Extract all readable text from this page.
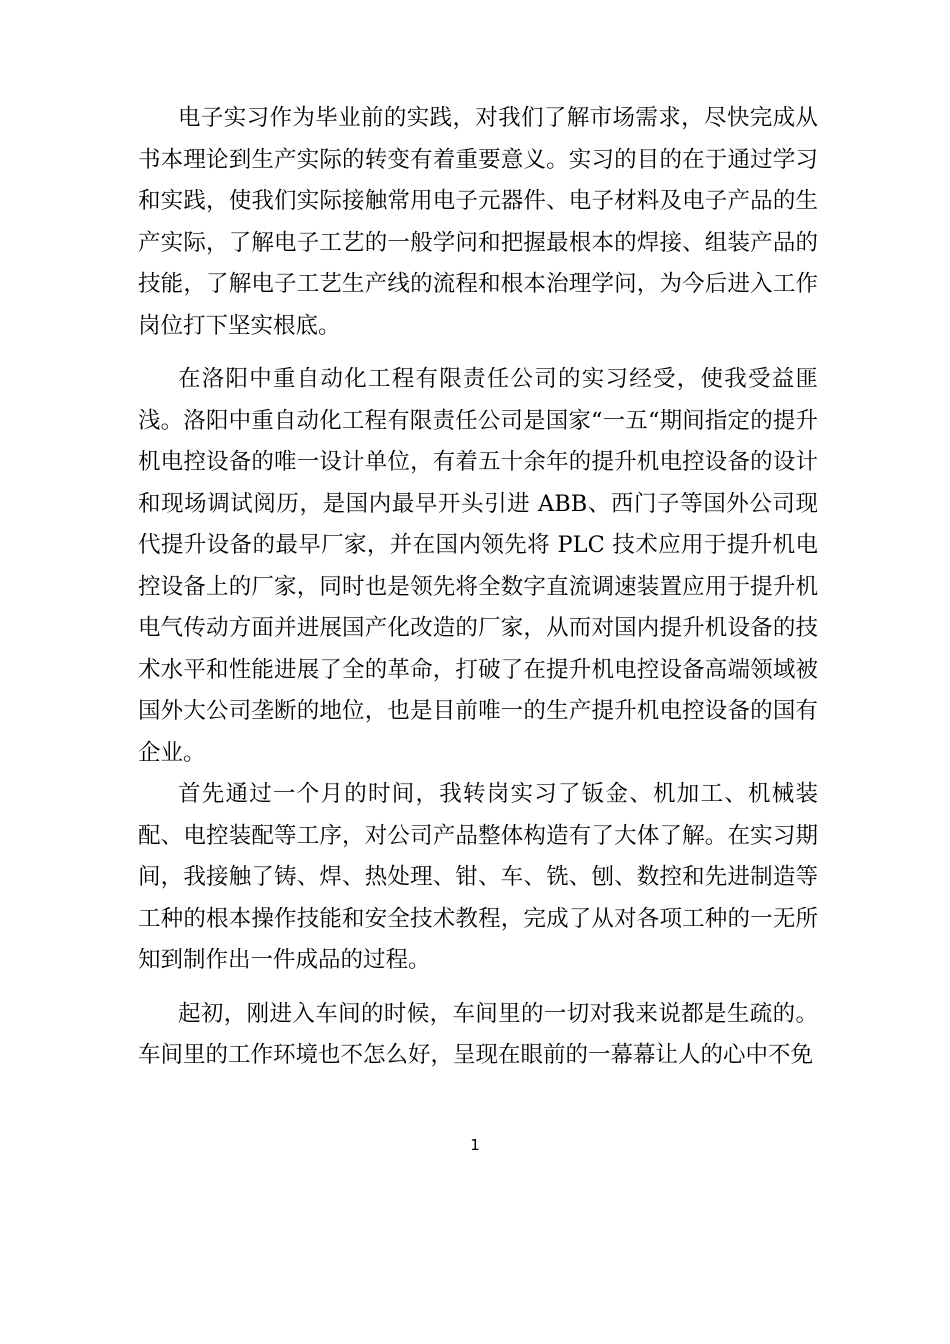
电子实习作为毕业前的实践，对我们了解市场需求，尽快完成从书本理论到生产实际的转变有着重要意义。实习的目的在于通过学习和实践，使我们实际接触常用电子元器件、电子材料及电子产品的生产实际，了解电子工艺的一般学问和把握最根本的焊接、组装产品的技能，了解电子工艺生产线的流程和根本治理学问，为今后进入工作岗位打下坚实根底。

在洛阳中重自动化工程有限责任公司的实习经受，使我受益匪浅。洛阳中重自动化工程有限责任公司是国家“一五“期间指定的提升机电控设备的唯一设计单位，有着五十余年的提升机电控设备的设计和现场调试阅历，是国内最早开头引进 ABB、西门子等国外公司现代提升设备的最早厂家，并在国内领先将 PLC 技术应用于提升机电控设备上的厂家，同时也是领先将全数字直流调速装置应用于提升机电气传动方面并进展国产化改造的厂家，从而对国内提升机设备的技术水平和性能进展了全的革命，打破了在提升机电控设备高端领域被国外大公司垄断的地位，也是目前唯一的生产提升机电控设备的国有企业。

首先通过一个月的时间，我转岗实习了钣金、机加工、机械装配、电控装配等工序，对公司产品整体构造有了大体了解。在实习期间，我接触了铸、焊、热处理、钳、车、铣、刨、数控和先进制造等工种的根本操作技能和安全技术教程，完成了从对各项工种的一无所知到制作出一件成品的过程。

起初，刚进入车间的时候，车间里的一切对我来说都是生疏的。车间里的工作环境也不怎么好，呈现在眼前的一幕幕让人的心中不免

1
